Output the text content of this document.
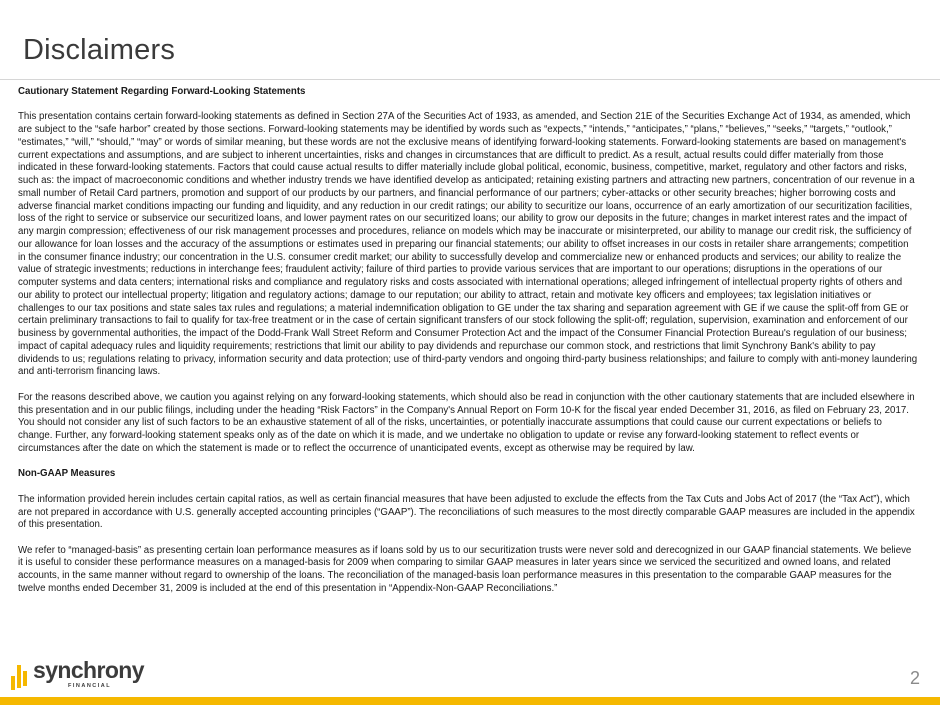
Disclaimers

Cautionary Statement Regarding Forward-Looking Statements

This presentation contains certain forward-looking statements as defined in Section 27A of the Securities Act of 1933, as amended, and Section 21E of the Securities Exchange Act of 1934, as amended, which are subject to the “safe harbor” created by those sections. Forward-looking statements may be identified by words such as “expects,” “intends,” “anticipates,” “plans,” “believes,” “seeks,” “targets,” “outlook,” “estimates,” “will,” “should,” “may” or words of similar meaning, but these words are not the exclusive means of identifying forward-looking statements. Forward-looking statements are based on management's current expectations and assumptions, and are subject to inherent uncertainties, risks and changes in circumstances that are difficult to predict. As a result, actual results could differ materially from those indicated in these forward-looking statements. Factors that could cause actual results to differ materially include global political, economic, business, competitive, market, regulatory and other factors and risks, such as: the impact of macroeconomic conditions and whether industry trends we have identified develop as anticipated; retaining existing partners and attracting new partners, concentration of our revenue in a small number of Retail Card partners, promotion and support of our products by our partners, and financial performance of our partners; cyber-attacks or other security breaches; higher borrowing costs and adverse financial market conditions impacting our funding and liquidity, and any reduction in our credit ratings; our ability to securitize our loans, occurrence of an early amortization of our securitization facilities, loss of the right to service or subservice our securitized loans, and lower payment rates on our securitized loans; our ability to grow our deposits in the future; changes in market interest rates and the impact of any margin compression; effectiveness of our risk management processes and procedures, reliance on models which may be inaccurate or misinterpreted, our ability to manage our credit risk, the sufficiency of our allowance for loan losses and the accuracy of the assumptions or estimates used in preparing our financial statements; our ability to offset increases in our costs in retailer share arrangements; competition in the consumer finance industry; our concentration in the U.S. consumer credit market; our ability to successfully develop and commercialize new or enhanced products and services; our ability to realize the value of strategic investments; reductions in interchange fees; fraudulent activity; failure of third parties to provide various services that are important to our operations; disruptions in the operations of our computer systems and data centers; international risks and compliance and regulatory risks and costs associated with international operations; alleged infringement of intellectual property rights of others and our ability to protect our intellectual property; litigation and regulatory actions; damage to our reputation; our ability to attract, retain and motivate key officers and employees; tax legislation initiatives or challenges to our tax positions and state sales tax rules and regulations; a material indemnification obligation to GE under the tax sharing and separation agreement with GE if we cause the split-off from GE or certain preliminary transactions to fail to qualify for tax-free treatment or in the case of certain significant transfers of our stock following the split-off; regulation, supervision, examination and enforcement of our business by governmental authorities, the impact of the Dodd-Frank Wall Street Reform and Consumer Protection Act and the impact of the Consumer Financial Protection Bureau's regulation of our business; impact of capital adequacy rules and liquidity requirements; restrictions that limit our ability to pay dividends and repurchase our common stock, and restrictions that limit Synchrony Bank's ability to pay dividends to us; regulations relating to privacy, information security and data protection; use of third-party vendors and ongoing third-party business relationships; and failure to comply with anti-money laundering and anti-terrorism financing laws.

For the reasons described above, we caution you against relying on any forward-looking statements, which should also be read in conjunction with the other cautionary statements that are included elsewhere in this presentation and in our public filings, including under the heading “Risk Factors” in the Company's Annual Report on Form 10-K for the fiscal year ended December 31, 2016, as filed on February 23, 2017. You should not consider any list of such factors to be an exhaustive statement of all of the risks, uncertainties, or potentially inaccurate assumptions that could cause our current expectations or beliefs to change. Further, any forward-looking statement speaks only as of the date on which it is made, and we undertake no obligation to update or revise any forward-looking statement to reflect events or circumstances after the date on which the statement is made or to reflect the occurrence of unanticipated events, except as otherwise may be required by law.

Non-GAAP Measures

The information provided herein includes certain capital ratios, as well as certain financial measures that have been adjusted to exclude the effects from the Tax Cuts and Jobs Act of 2017 (the “Tax Act”), which are not prepared in accordance with U.S. generally accepted accounting principles (“GAAP”). The reconciliations of such measures to the most directly comparable GAAP measures are included in the appendix of this presentation.

We refer to “managed-basis” as presenting certain loan performance measures as if loans sold by us to our securitization trusts were never sold and derecognized in our GAAP financial statements. We believe it is useful to consider these performance measures on a managed-basis for 2009 when comparing to similar GAAP measures in later years since we serviced the securitized and owned loans, and related accounts, in the same manner without regard to ownership of the loans. The reconciliation of the managed-basis loan performance measures in this presentation to the comparable GAAP measures for the twelve months ended December 31, 2009 is included at the end of this presentation in “Appendix-Non-GAAP Reconciliations.”

synchrony
FINANCIAL	2
